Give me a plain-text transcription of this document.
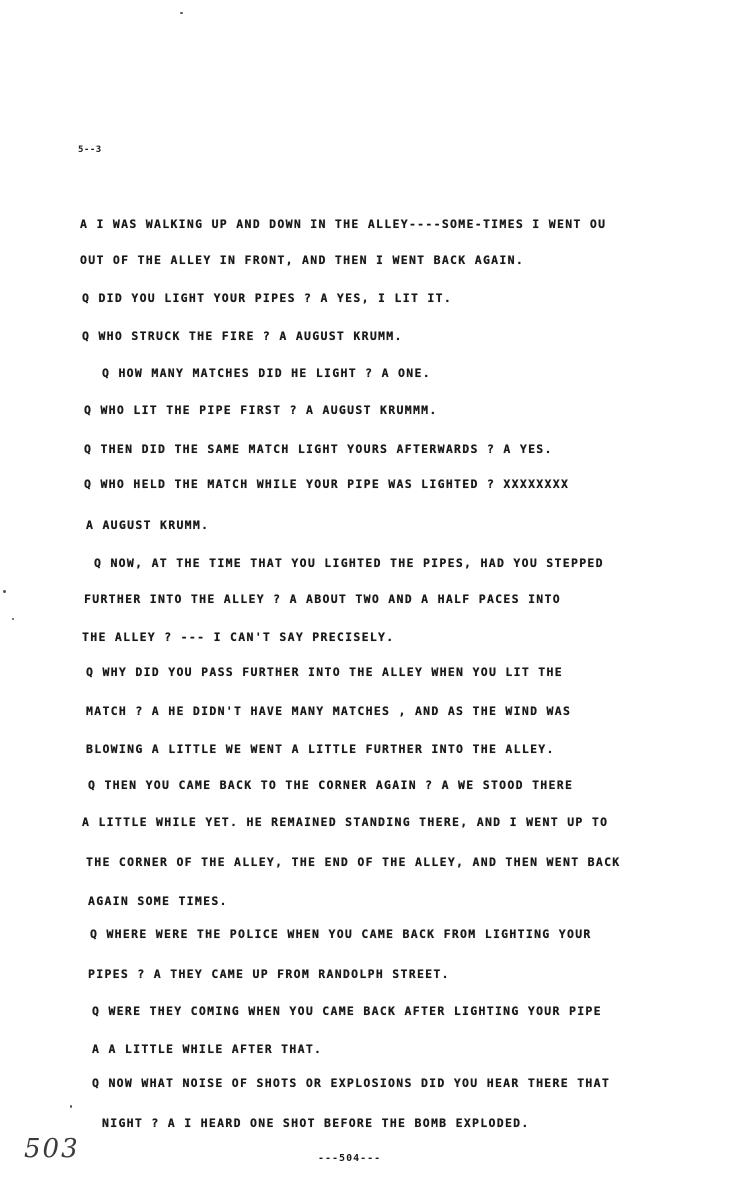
5--3
A I WAS WALKING UP AND DOWN IN THE ALLEY----SOME-TIMES I WENT OU
OUT OF THE ALLEY IN FRONT, AND THEN I WENT BACK AGAIN.
Q DID YOU LIGHT YOUR PIPES ? A YES, I LIT IT.
Q WHO STRUCK THE FIRE ? A AUGUST KRUMM.
Q HOW MANY MATCHES DID HE LIGHT ? A ONE.
Q WHO LIT THE PIPE FIRST ? A AUGUST KRUMMM.
Q THEN DID THE SAME MATCH LIGHT YOURS AFTERWARDS ? A YES.
Q WHO HELD THE MATCH WHILE YOUR PIPE WAS LIGHTED ? XXXXXXXX
A AUGUST KRUMM.
Q NOW, AT THE TIME THAT YOU LIGHTED THE PIPES, HAD YOU STEPPED
FURTHER INTO THE ALLEY ? A ABOUT TWO AND A HALF PACES INTO
THE ALLEY ? --- I CAN'T SAY PRECISELY.
Q WHY DID YOU PASS FURTHER INTO THE ALLEY WHEN YOU LIT THE
MATCH ? A HE DIDN'T HAVE MANY MATCHES , AND AS THE WIND WAS
BLOWING A LITTLE WE WENT A LITTLE FURTHER INTO THE ALLEY.
Q THEN YOU CAME BACK TO THE CORNER AGAIN ? A WE STOOD THERE
A LITTLE WHILE YET. HE REMAINED STANDING THERE, AND I WENT UP TO
THE CORNER OF THE ALLEY, THE END OF THE ALLEY, AND THEN WENT BACK
AGAIN SOME TIMES.
Q WHERE WERE THE POLICE WHEN YOU CAME BACK FROM LIGHTING YOUR
PIPES ? A THEY CAME UP FROM RANDOLPH STREET.
Q WERE THEY COMING WHEN YOU CAME BACK AFTER LIGHTING YOUR PIPE
A A LITTLE WHILE AFTER THAT.
Q NOW WHAT NOISE OF SHOTS OR EXPLOSIONS DID YOU HEAR THERE THAT
NIGHT ? A I HEARD ONE SHOT BEFORE THE BOMB EXPLODED.
---504---
503
